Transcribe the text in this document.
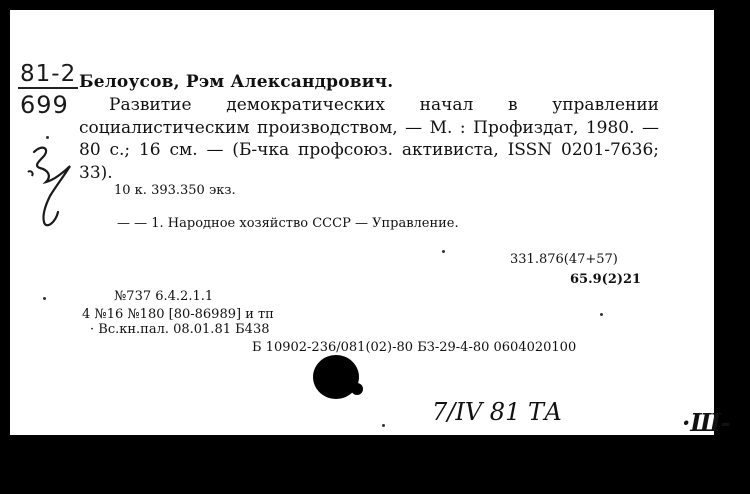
81-2
699
Белоусов, Рэм Александрович.
Развитие демократических начал в управлении социалистическим производством, — М. : Профиздат, 1980. — 80 с.; 16 см. — (Б-чка профсоюз. активиста, ISSN 0201-7636; 33).
10 к. 393.350 экз.
— — 1. Народное хозяйство СССР — Управление.
331.876(47+57)
65.9(2)21
№737 6.4.2.1.1
4 №16 №180 [80-86989] и тп
· Вс.кн.пал. 08.01.81 Б438
Б 10902-236/081(02)-80 БЗ-29-4-80 0604020100
7/IV 81 ТА	·Ш-
